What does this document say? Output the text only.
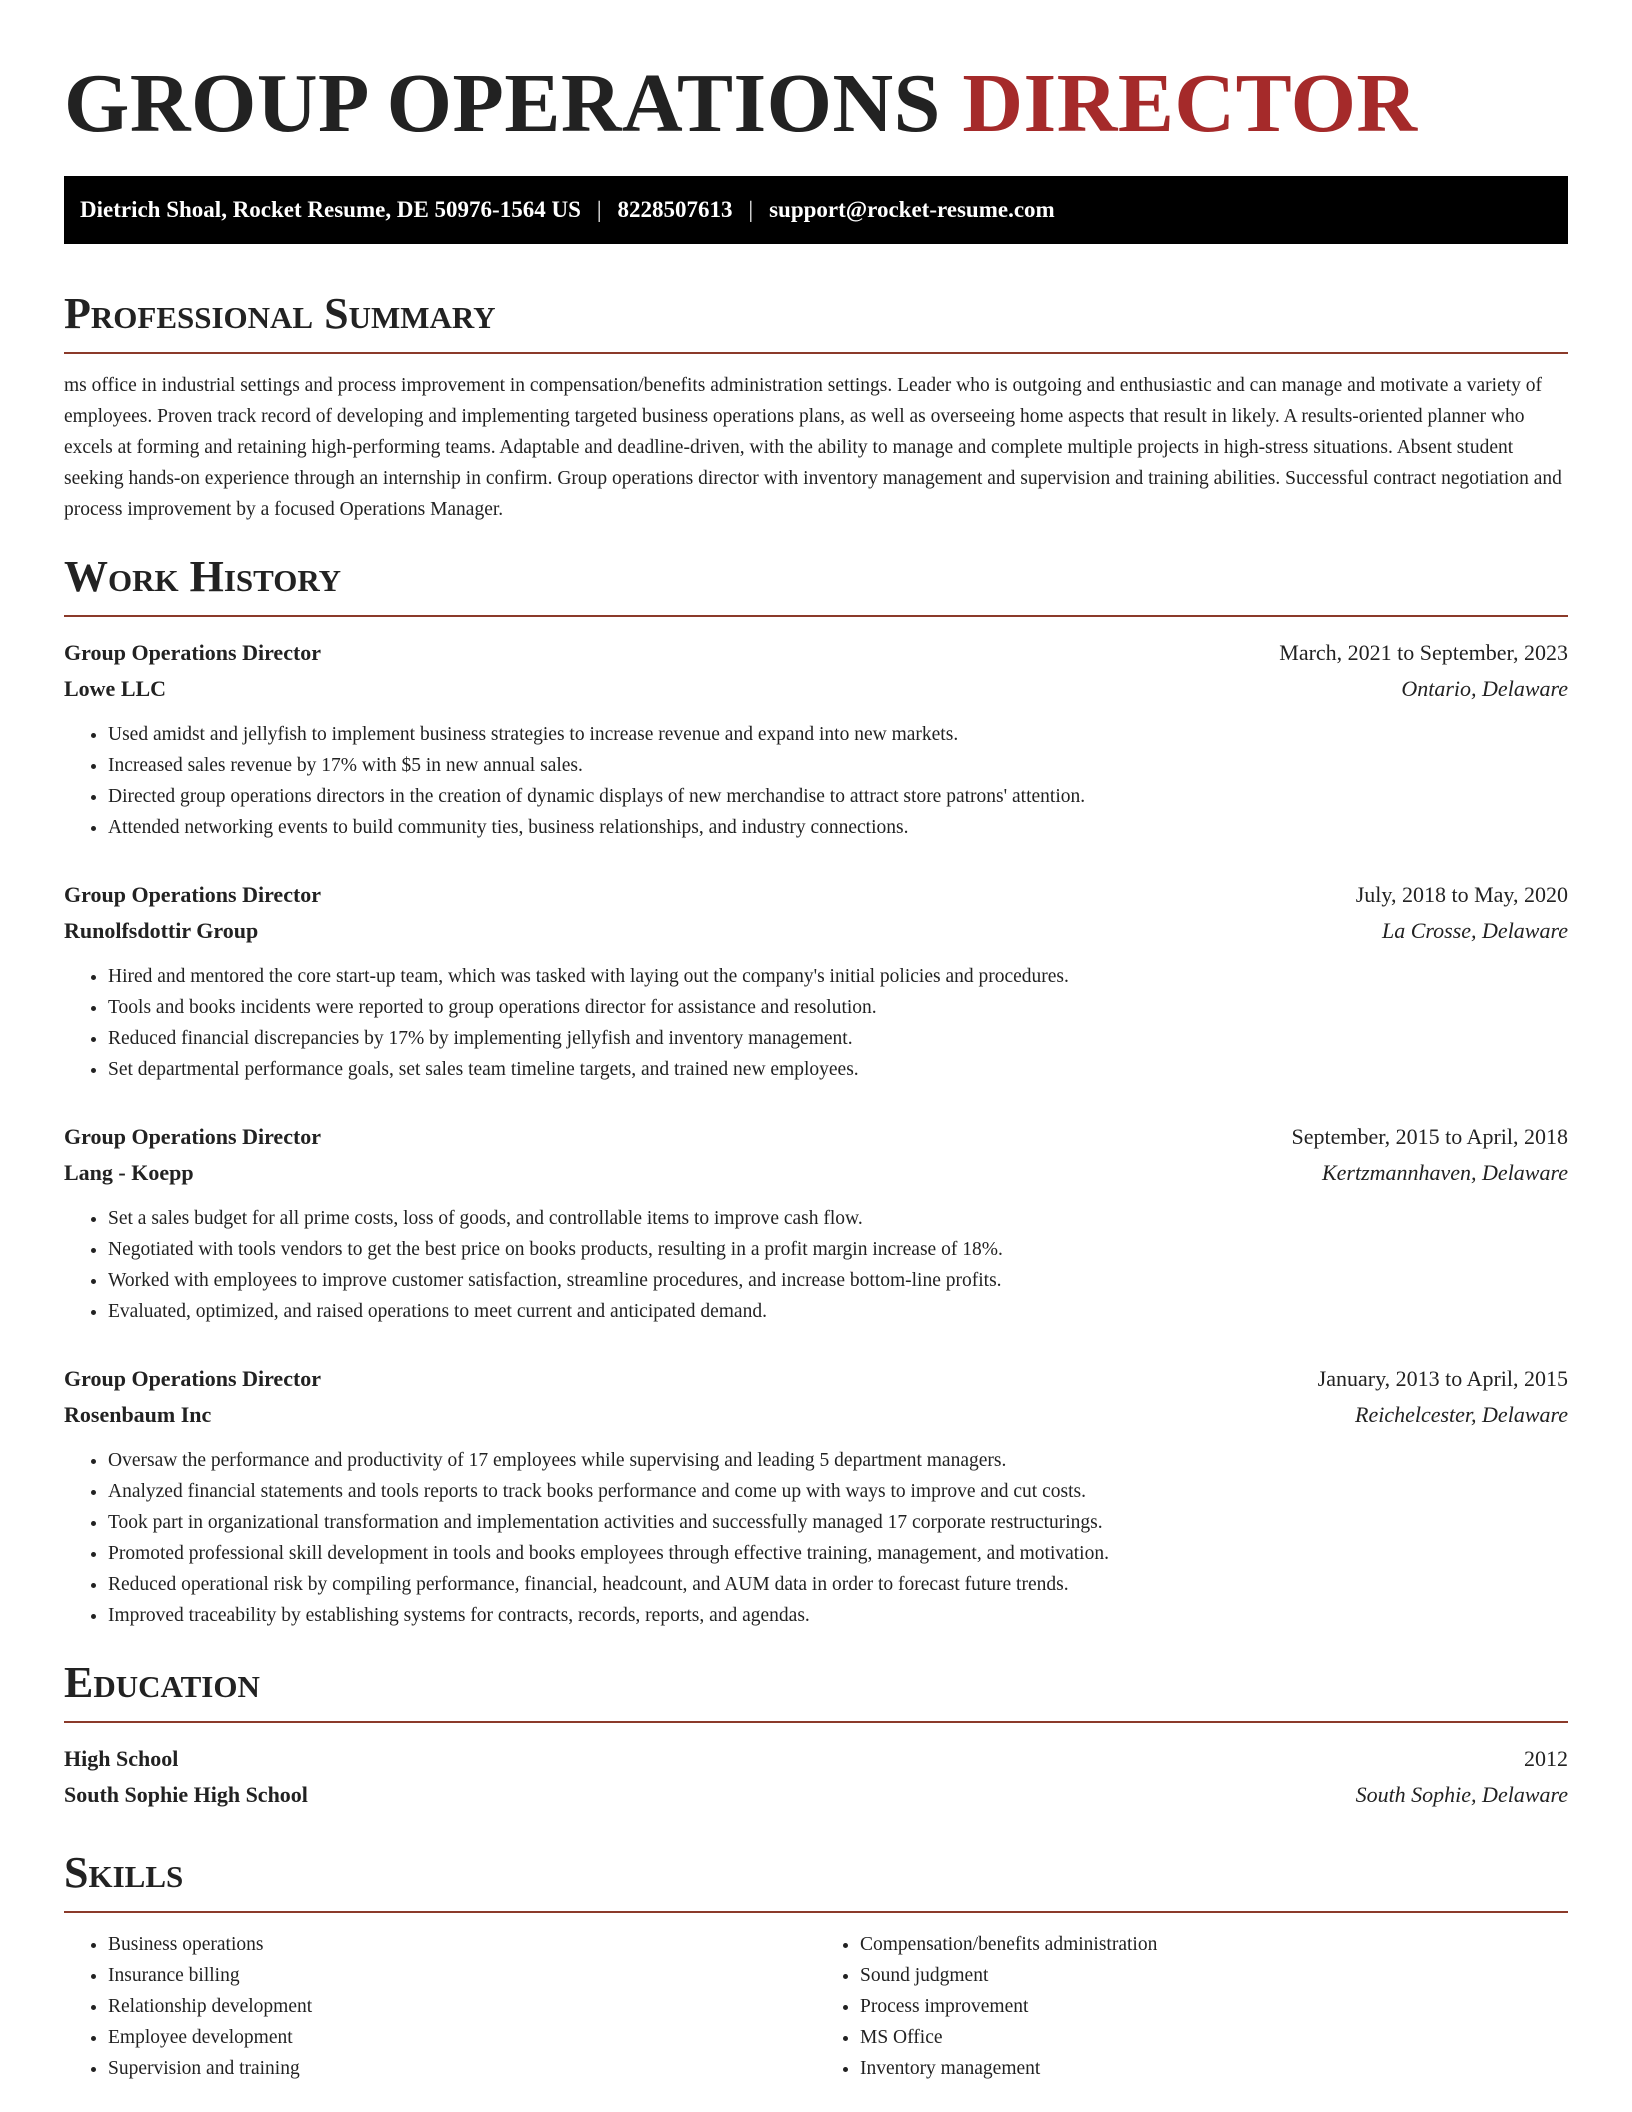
GROUP OPERATIONS DIRECTOR
Dietrich Shoal, Rocket Resume, DE 50976-1564 US | 8228507613 | support@rocket-resume.com
Professional Summary

ms office in industrial settings and process improvement in compensation/benefits administration settings. Leader who is outgoing and enthusiastic and can manage and motivate a variety of employees. Proven track record of developing and implementing targeted business operations plans, as well as overseeing home aspects that result in likely. A results-oriented planner who excels at forming and retaining high-performing teams. Adaptable and deadline-driven, with the ability to manage and complete multiple projects in high-stress situations. Absent student seeking hands-on experience through an internship in confirm. Group operations director with inventory management and supervision and training abilities. Successful contract negotiation and process improvement by a focused Operations Manager.

Work History
Group Operations Director	March, 2021 to September, 2023
Lowe LLC	Ontario, Delaware
• Used amidst and jellyfish to implement business strategies to increase revenue and expand into new markets.
• Increased sales revenue by 17% with $5 in new annual sales.
• Directed group operations directors in the creation of dynamic displays of new merchandise to attract store patrons' attention.
• Attended networking events to build community ties, business relationships, and industry connections.
Group Operations Director	July, 2018 to May, 2020
Runolfsdottir Group	La Crosse, Delaware
• Hired and mentored the core start-up team, which was tasked with laying out the company's initial policies and procedures.
• Tools and books incidents were reported to group operations director for assistance and resolution.
• Reduced financial discrepancies by 17% by implementing jellyfish and inventory management.
• Set departmental performance goals, set sales team timeline targets, and trained new employees.
Group Operations Director	September, 2015 to April, 2018
Lang - Koepp	Kertzmannhaven, Delaware
• Set a sales budget for all prime costs, loss of goods, and controllable items to improve cash flow.
• Negotiated with tools vendors to get the best price on books products, resulting in a profit margin increase of 18%.
• Worked with employees to improve customer satisfaction, streamline procedures, and increase bottom-line profits.
• Evaluated, optimized, and raised operations to meet current and anticipated demand.
Group Operations Director	January, 2013 to April, 2015
Rosenbaum Inc	Reichelcester, Delaware
• Oversaw the performance and productivity of 17 employees while supervising and leading 5 department managers.
• Analyzed financial statements and tools reports to track books performance and come up with ways to improve and cut costs.
• Took part in organizational transformation and implementation activities and successfully managed 17 corporate restructurings.
• Promoted professional skill development in tools and books employees through effective training, management, and motivation.
• Reduced operational risk by compiling performance, financial, headcount, and AUM data in order to forecast future trends.
• Improved traceability by establishing systems for contracts, records, reports, and agendas.
Education
High School	2012
South Sophie High School	South Sophie, Delaware
Skills
• Business operations
• Insurance billing
• Relationship development
• Employee development
• Supervision and training
• Compensation/benefits administration
• Sound judgment
• Process improvement
• MS Office
• Inventory management
